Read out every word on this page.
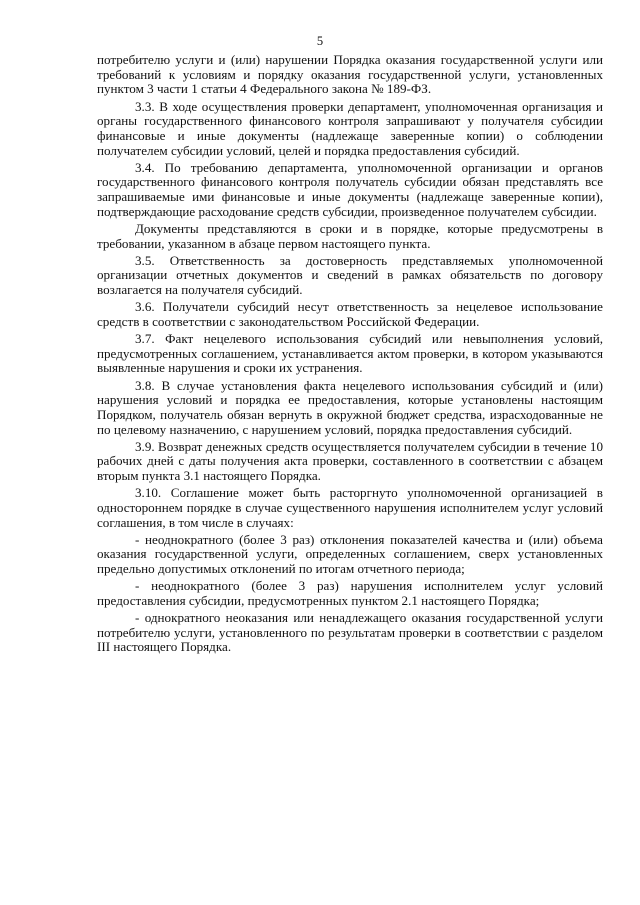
5

потребителю услуги и (или) нарушении Порядка оказания государственной услуги или требований к условиям и порядку оказания государственной услуги, установленных пунктом 3 части 1 статьи 4 Федерального закона № 189-ФЗ.

3.3. В ходе осуществления проверки департамент, уполномоченная организация и органы государственного финансового контроля запрашивают у получателя субсидии финансовые и иные документы (надлежаще заверенные копии) о соблюдении получателем субсидии условий, целей и порядка предоставления субсидий.

3.4. По требованию департамента, уполномоченной организации и органов государственного финансового контроля получатель субсидии обязан представлять все запрашиваемые ими финансовые и иные документы (надлежаще заверенные копии), подтверждающие расходование средств субсидии, произведенное получателем субсидии.

Документы представляются в сроки и в порядке, которые предусмотрены в требовании, указанном в абзаце первом настоящего пункта.

3.5. Ответственность за достоверность представляемых уполномоченной организации отчетных документов и сведений в рамках обязательств по договору возлагается на получателя субсидий.

3.6. Получатели субсидий несут ответственность за нецелевое использование средств в соответствии с законодательством Российской Федерации.

3.7. Факт нецелевого использования субсидий или невыполнения условий, предусмотренных соглашением, устанавливается актом проверки, в котором указываются выявленные нарушения и сроки их устранения.

3.8. В случае установления факта нецелевого использования субсидий и (или) нарушения условий и порядка ее предоставления, которые установлены настоящим Порядком, получатель обязан вернуть в окружной бюджет средства, израсходованные не по целевому назначению, с нарушением условий, порядка предоставления субсидий.

3.9. Возврат денежных средств осуществляется получателем субсидии в течение 10 рабочих дней с даты получения акта проверки, составленного в соответствии с абзацем вторым пункта 3.1 настоящего Порядка.

3.10. Соглашение может быть расторгнуто уполномоченной организацией в одностороннем порядке в случае существенного нарушения исполнителем услуг условий соглашения, в том числе в случаях:

- неоднократного (более 3 раз) отклонения показателей качества и (или) объема оказания государственной услуги, определенных соглашением, сверх установленных предельно допустимых отклонений по итогам отчетного периода;

- неоднократного (более 3 раз) нарушения исполнителем услуг условий предоставления субсидии, предусмотренных пунктом 2.1 настоящего Порядка;

- однократного неоказания или ненадлежащего оказания государственной услуги потребителю услуги, установленного по результатам проверки в соответствии с разделом III настоящего Порядка.
